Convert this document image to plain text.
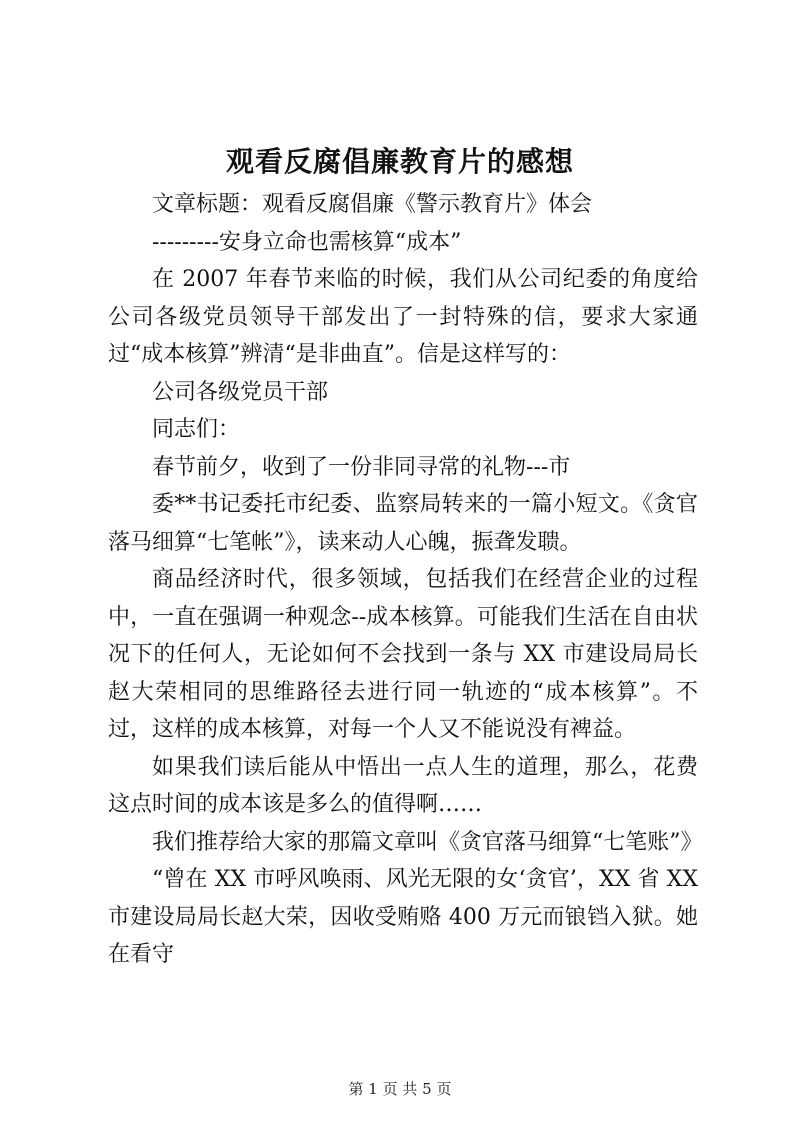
观看反腐倡廉教育片的感想

文章标题：观看反腐倡廉《警示教育片》体会

---------安身立命也需核算“成本”

在 2007 年春节来临的时候，我们从公司纪委的角度给公司各级党员领导干部发出了一封特殊的信，要求大家通过“成本核算”辨清“是非曲直”。信是这样写的：

公司各级党员干部

同志们：

春节前夕，收到了一份非同寻常的礼物---市

委**书记委托市纪委、监察局转来的一篇小短文。《贪官落马细算“七笔帐”》，读来动人心魄，振聋发聩。

商品经济时代，很多领域，包括我们在经营企业的过程中，一直在强调一种观念--成本核算。可能我们生活在自由状况下的任何人，无论如何不会找到一条与 XX 市建设局局长赵大荣相同的思维路径去进行同一轨迹的“成本核算”。不过，这样的成本核算，对每一个人又不能说没有裨益。

如果我们读后能从中悟出一点人生的道理，那么，花费这点时间的成本该是多么的值得啊……

我们推荐给大家的那篇文章叫《贪官落马细算“七笔账”》

“曾在 XX 市呼风唤雨、风光无限的女‘贪官’，XX 省 XX 市建设局局长赵大荣，因收受贿赂 400 万元而锒铛入狱。她在看守

第 1 页 共 5 页
